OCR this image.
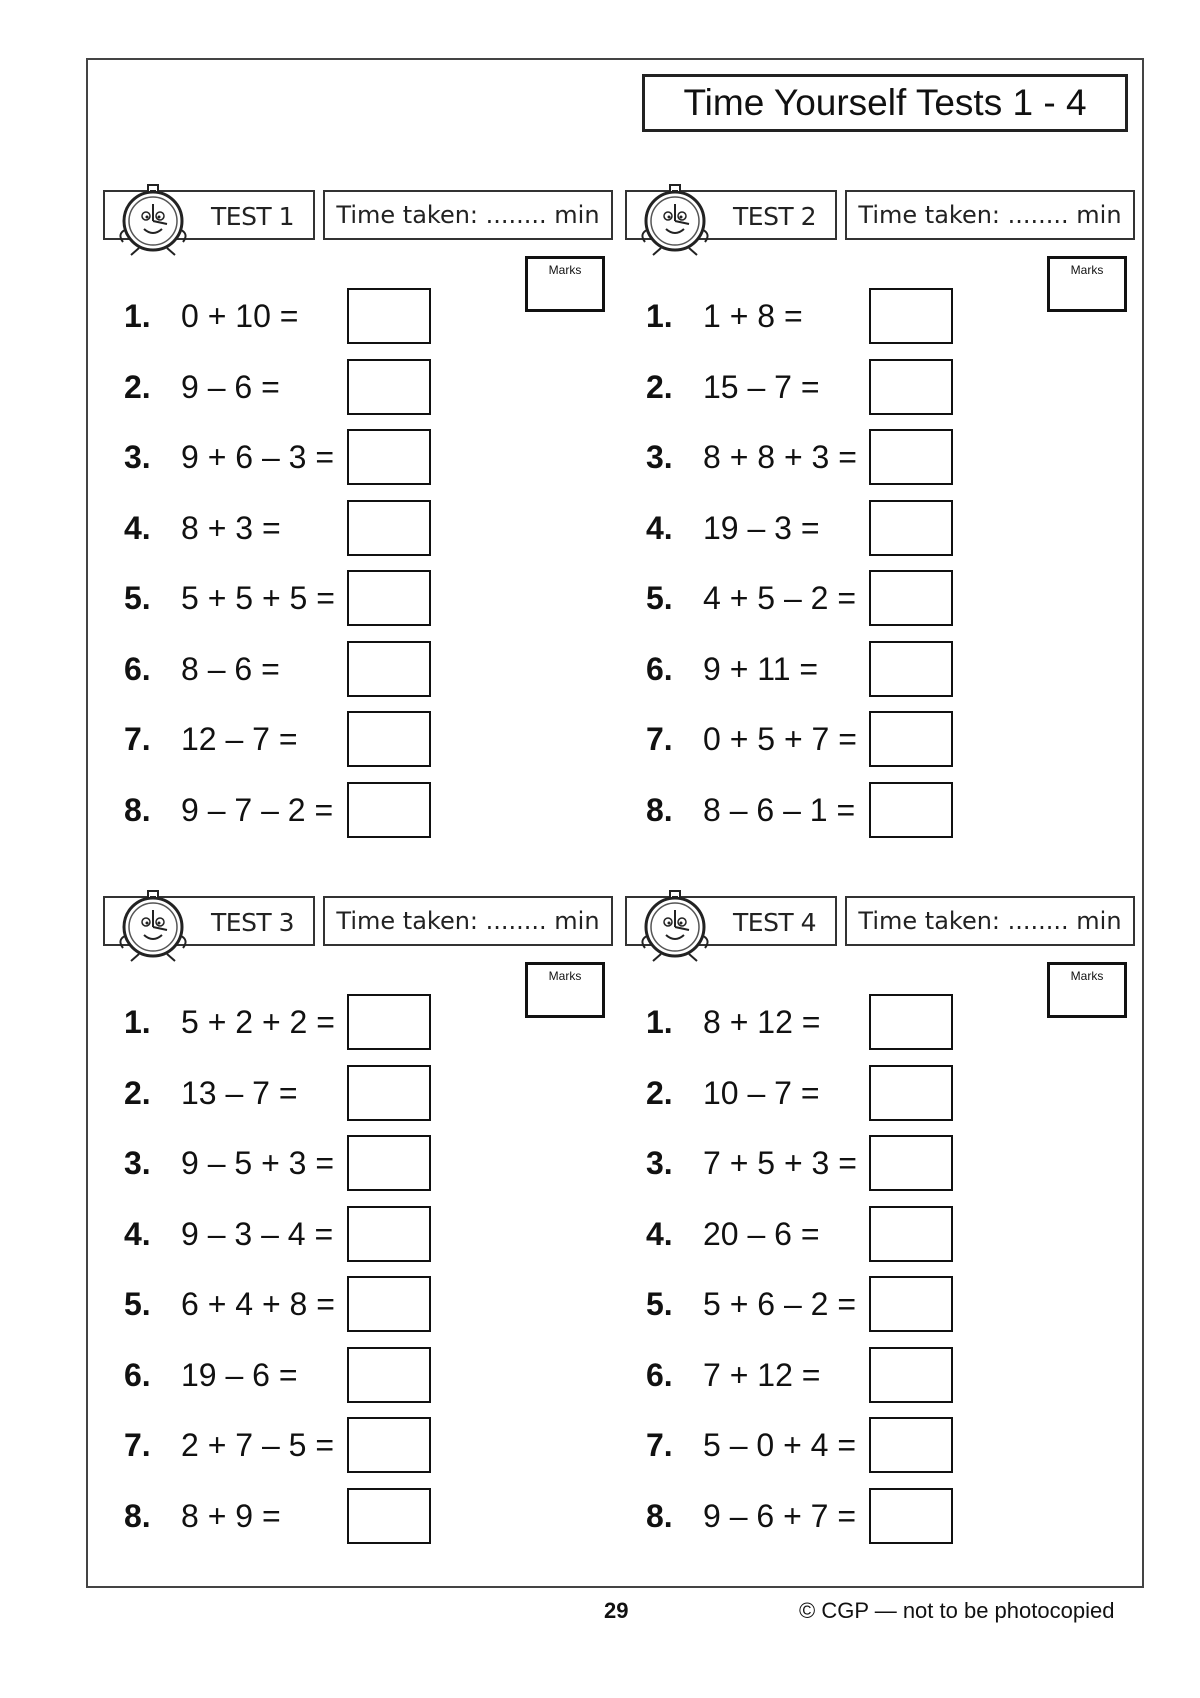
Time Yourself Tests 1 - 4
TEST 1 Time taken: ........ min
Marks
1. 0 + 10 =
2. 9 – 6 =
3. 9 + 6 – 3 =
4. 8 + 3 =
5. 5 + 5 + 5 =
6. 8 – 6 =
7. 12 – 7 =
8. 9 – 7 – 2 =
TEST 2 Time taken: ........ min
Marks
1. 1 + 8 =
2. 15 – 7 =
3. 8 + 8 + 3 =
4. 19 – 3 =
5. 4 + 5 – 2 =
6. 9 + 11 =
7. 0 + 5 + 7 =
8. 8 – 6 – 1 =
TEST 3 Time taken: ........ min
Marks
1. 5 + 2 + 2 =
2. 13 – 7 =
3. 9 – 5 + 3 =
4. 9 – 3 – 4 =
5. 6 + 4 + 8 =
6. 19 – 6 =
7. 2 + 7 – 5 =
8. 8 + 9 =
TEST 4 Time taken: ........ min
Marks
1. 8 + 12 =
2. 10 – 7 =
3. 7 + 5 + 3 =
4. 20 – 6 =
5. 5 + 6 – 2 =
6. 7 + 12 =
7. 5 – 0 + 4 =
8. 9 – 6 + 7 =
29	© CGP — not to be photocopied
